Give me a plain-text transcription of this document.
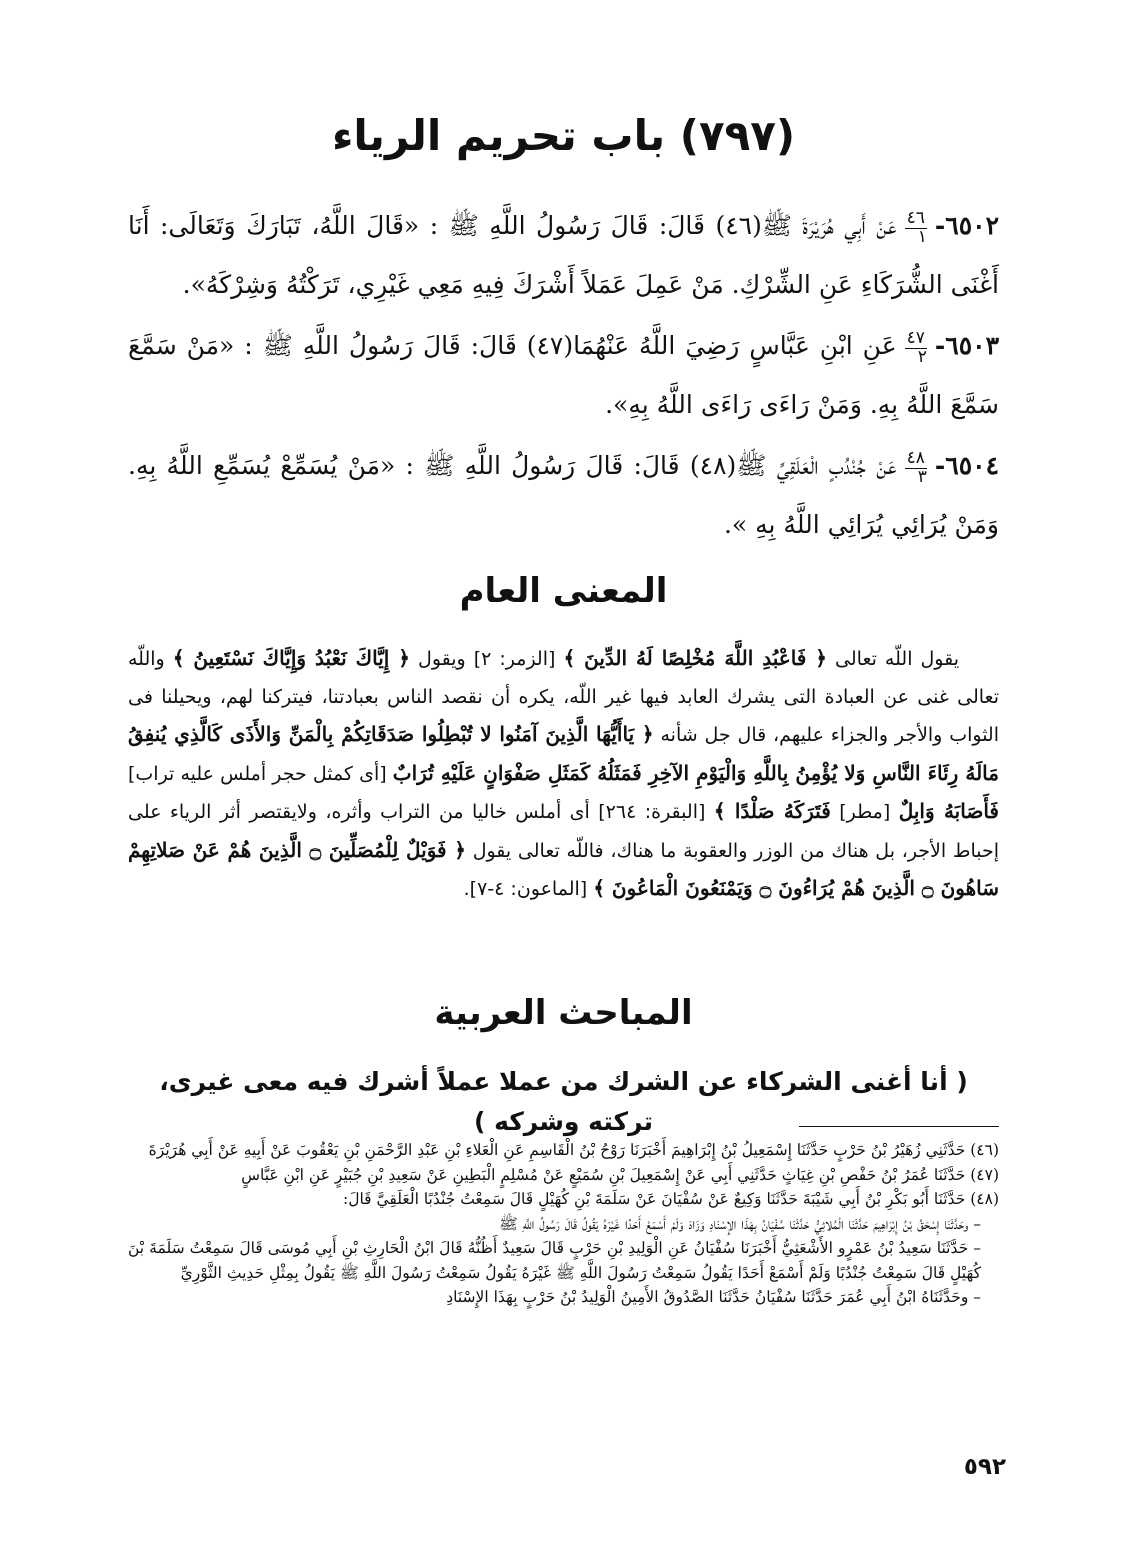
(٧٩٧) باب تحريم الرياء
٦٥٠٢-
$\frac{٤٦}{١}$
عَنْ أَبِي هُرَيْرَةَ ﷺ(٤٦) قَالَ: قَالَ رَسُولُ اللَّهِ ﷺ : «قَالَ اللَّهُ، تَبَارَكَ وَتَعَالَى: أَنَا أَغْنَى الشُّرَكَاءِ عَنِ الشِّرْكِ. مَنْ عَمِلَ عَمَلاً أَشْرَكَ فِيهِ مَعِي غَيْرِي، تَرَكْتُهُ وَشِرْكَهُ».
٦٥٠٣-
$\frac{٤٧}{٢}$
عَنِ ابْنِ عَبَّاسٍ رَضِيَ اللَّهُ عَنْهُمَا(٤٧) قَالَ: قَالَ رَسُولُ اللَّهِ ﷺ : «مَنْ سَمَّعَ سَمَّعَ اللَّهُ بِهِ. وَمَنْ رَاءَى رَاءَى اللَّهُ بِهِ».
٦٥٠٤-
$\frac{٤٨}{٣}$
عَنْ جُنْدُبٍ الْعَلَقِيِّ ﷺ(٤٨) قَالَ: قَالَ رَسُولُ اللَّهِ ﷺ : «مَنْ يُسَمِّعْ يُسَمِّعِ اللَّهُ بِهِ. وَمَنْ يُرَائِي يُرَائِي اللَّهُ بِهِ ».
المعنى العام
يقول اللّه تعالى ﴿ فَاعْبُدِ اللَّهَ مُخْلِصًا لَهُ الدِّينَ ﴾ [الزمر: ٢] ويقول ﴿ إِيَّاكَ نَعْبُدُ وَإِيَّاكَ نَسْتَعِينُ ﴾ واللّه تعالى غنى عن العبادة التى يشرك العابد فيها غير اللّه، يكره أن نقصد الناس بعبادتنا، فيتركنا لهم، ويحيلنا فى الثواب والأجر والجزاء عليهم، قال جل شأنه ﴿ يَاأَيُّهَا الَّذِينَ آمَنُوا لا تُبْطِلُوا صَدَقَاتِكُمْ بِالْمَنِّ وَالأَذَى كَالَّذِي يُنفِقُ مَالَهُ رِئَاءَ النَّاسِ وَلا يُؤْمِنُ بِاللَّهِ وَالْيَوْمِ الآخِرِ فَمَثَلُهُ كَمَثَلِ صَفْوَانٍ عَلَيْهِ تُرَابٌ [أى كمثل حجر أملس عليه تراب] فَأَصَابَهُ وَابِلٌ [مطر] فَتَرَكَهُ صَلْدًا ﴾ [البقرة: ٢٦٤] أى أملس خاليا من التراب وأثره، ولايقتصر أثر الرياء على إحباط الأجر، بل هناك من الوزر والعقوبة ما هناك، فاللّه تعالى يقول ﴿ فَوَيْلٌ لِلْمُصَلِّينَ ۝ الَّذِينَ هُمْ عَنْ صَلاتِهِمْ سَاهُونَ ۝ الَّذِينَ هُمْ يُرَاءُونَ ۝ وَيَمْنَعُونَ الْمَاعُونَ ﴾ [الماعون: ٤-٧].
المباحث العربية
( أنا أغنى الشركاء عن الشرك من عملا عملاً أشرك فيه معى غيرى، تركته وشركه )

(٤٦) حَدَّثَنِي زُهَيْرُ بْنُ حَرْبٍ حَدَّثَنَا إِسْمَعِيلُ بْنُ إِبْرَاهِيمَ أَخْبَرَنَا رَوْحُ بْنُ الْقَاسِمِ عَنِ الْعَلاءِ بْنِ عَبْدِ الرَّحْمَنِ بْنِ يَعْقُوبَ عَنْ أَبِيهِ عَنْ أَبِي هُرَيْرَةَ

(٤٧) حَدَّثَنَا عُمَرُ بْنُ حَفْصِ بْنِ غِيَاثٍ حَدَّثَنِي أَبِي عَنْ إِسْمَعِيلَ بْنِ سُمَيْعٍ عَنْ مُسْلِمٍ الْبَطِينِ عَنْ سَعِيدِ بْنِ جُبَيْرٍ عَنِ ابْنِ عَبَّاسٍ

(٤٨) حَدَّثَنَا أَبُو بَكْرِ بْنُ أَبِي شَيْبَةَ حَدَّثَنَا وَكِيعٌ عَنْ سُفْيَانَ عَنْ سَلَمَةَ بْنِ كُهَيْلٍ قَالَ سَمِعْتُ جُنْدُبًا الْعَلَقِيَّ قَالَ:

– وحَدَّثَنَا إِسْحَقُ بْنُ إِبْرَاهِيمَ حَدَّثَنَا الْمُلائِيُّ حَدَّثَنَا سُفْيَانُ بِهَذَا الإِسْنَادِ وَزَادَ وَلَمْ أَسْمَعْ أَحَدًا غَيْرَهُ يَقُولُ قَالَ رَسُولُ اللَّهِ ﷺ

– حَدَّثَنَا سَعِيدُ بْنُ عَمْرٍو الأَشْعَثِيُّ أَخْبَرَنَا سُفْيَانُ عَنِ الْوَلِيدِ بْنِ حَرْبٍ قَالَ سَعِيدٌ أَظُنُّهُ قَالَ ابْنُ الْحَارِثِ بْنِ أَبِي مُوسَى قَالَ سَمِعْتُ سَلَمَةَ بْنَ كُهَيْلٍ قَالَ سَمِعْتُ جُنْدُبًا وَلَمْ أَسْمَعْ أَحَدًا يَقُولُ سَمِعْتُ رَسُولَ اللَّهِ ﷺ غَيْرَهُ يَقُولُ سَمِعْتُ رَسُولَ اللَّهِ ﷺ يَقُولُ بِمِثْلِ حَدِيثِ الثَّوْرِيِّ

– وحَدَّثَنَاهُ ابْنُ أَبِي عُمَرَ حَدَّثَنَا سُفْيَانُ حَدَّثَنَا الصَّدُوقُ الأَمِينُ الْوَلِيدُ بْنُ حَرْبٍ بِهَذَا الإِسْنَادِ

٥٩٢
